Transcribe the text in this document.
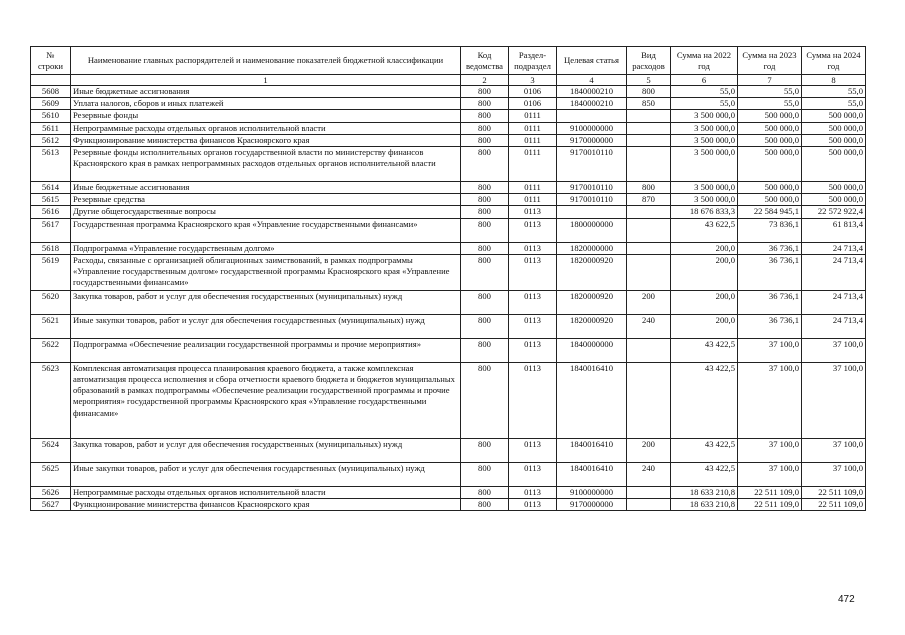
№ строки	Наименование главных распорядителей и наименование показателей бюджетной классификации	Код ведомства	Раздел-подраздел	Целевая статья	Вид расходов	Сумма на 2022 год	Сумма на 2023 год	Сумма на 2024 год
	1	2	3	4	5	6	7	8
5608	Иные бюджетные ассигнования	800	0106	1840000210	800	55,0	55,0	55,0
5609	Уплата налогов, сборов и иных платежей	800	0106	1840000210	850	55,0	55,0	55,0
5610	Резервные фонды	800	0111			3 500 000,0	500 000,0	500 000,0
5611	Непрограммные расходы отдельных органов исполнительной власти	800	0111	9100000000		3 500 000,0	500 000,0	500 000,0
5612	Функционирование министерства финансов Красноярского края	800	0111	9170000000		3 500 000,0	500 000,0	500 000,0
5613	Резервные фонды исполнительных органов государственной власти по министерству финансов Красноярского края в рамках непрограммных расходов отдельных органов исполнительной власти	800	0111	9170010110		3 500 000,0	500 000,0	500 000,0
5614	Иные бюджетные ассигнования	800	0111	9170010110	800	3 500 000,0	500 000,0	500 000,0
5615	Резервные средства	800	0111	9170010110	870	3 500 000,0	500 000,0	500 000,0
5616	Другие общегосударственные вопросы	800	0113			18 676 833,3	22 584 945,1	22 572 922,4
5617	Государственная программа Красноярского края «Управление государственными финансами»	800	0113	1800000000		43 622,5	73 836,1	61 813,4
5618	Подпрограмма «Управление государственным долгом»	800	0113	1820000000		200,0	36 736,1	24 713,4
5619	Расходы, связанные с организацией облигационных заимствований, в рамках подпрограммы «Управление государственным долгом» государственной программы Красноярского края «Управление государственными финансами»	800	0113	1820000920		200,0	36 736,1	24 713,4
5620	Закупка товаров, работ и услуг для обеспечения государственных (муниципальных) нужд	800	0113	1820000920	200	200,0	36 736,1	24 713,4
5621	Иные закупки товаров, работ и услуг для обеспечения государственных (муниципальных) нужд	800	0113	1820000920	240	200,0	36 736,1	24 713,4
5622	Подпрограмма «Обеспечение реализации государственной программы и прочие мероприятия»	800	0113	1840000000		43 422,5	37 100,0	37 100,0
5623	Комплексная автоматизация процесса планирования краевого бюджета, а также комплексная автоматизация процесса исполнения и сбора отчетности краевого бюджета и бюджетов муниципальных образований в рамках подпрограммы «Обеспечение реализации государственной программы и прочие мероприятия» государственной программы Красноярского края «Управление государственными финансами»	800	0113	1840016410		43 422,5	37 100,0	37 100,0
5624	Закупка товаров, работ и услуг для обеспечения государственных (муниципальных) нужд	800	0113	1840016410	200	43 422,5	37 100,0	37 100,0
5625	Иные закупки товаров, работ и услуг для обеспечения государственных (муниципальных) нужд	800	0113	1840016410	240	43 422,5	37 100,0	37 100,0
5626	Непрограммные расходы отдельных органов исполнительной власти	800	0113	9100000000		18 633 210,8	22 511 109,0	22 511 109,0
5627	Функционирование министерства финансов Красноярского края	800	0113	9170000000		18 633 210,8	22 511 109,0	22 511 109,0
472
